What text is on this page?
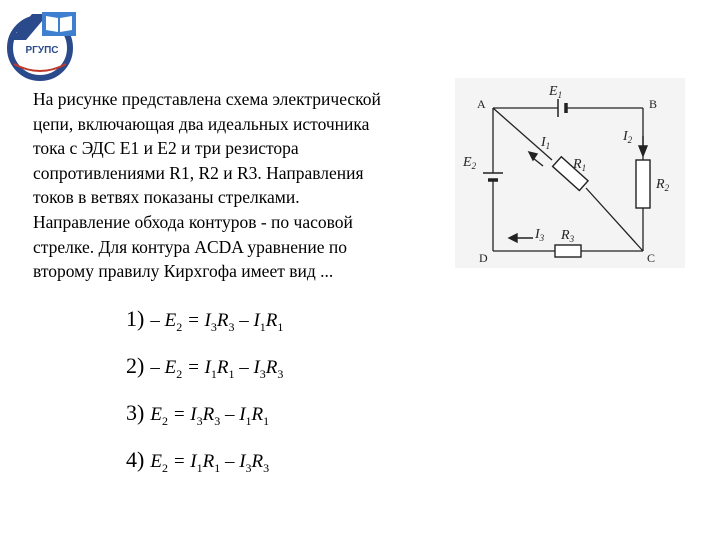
РГУПС
На рисунке представлена схема электрической
цепи, включающая два идеальных источника
тока с ЭДС E1 и E2 и три резистора
сопротивлениями R1, R2 и R3. Направления
токов в ветвях показаны стрелками.
Направление обхода контуров - по часовой
стрелке. Для контура ACDA уравнение по
второму правилу Кирхгофа имеет вид ...
A	B
C
D
$E_1$
$E_2$
$I_1$
$I_2$
$I_3$
$R_1$
$R_2$
$R_3$
$1) - E_2 = I_3R_3 - I_1R_1$
$2) - E_2 = I_1R_1 - I_3R_3$
3) $E_2 = I_3R_3 - I_1R_1$
4) $E_2 = I_1R_1 - I_3R_3$
